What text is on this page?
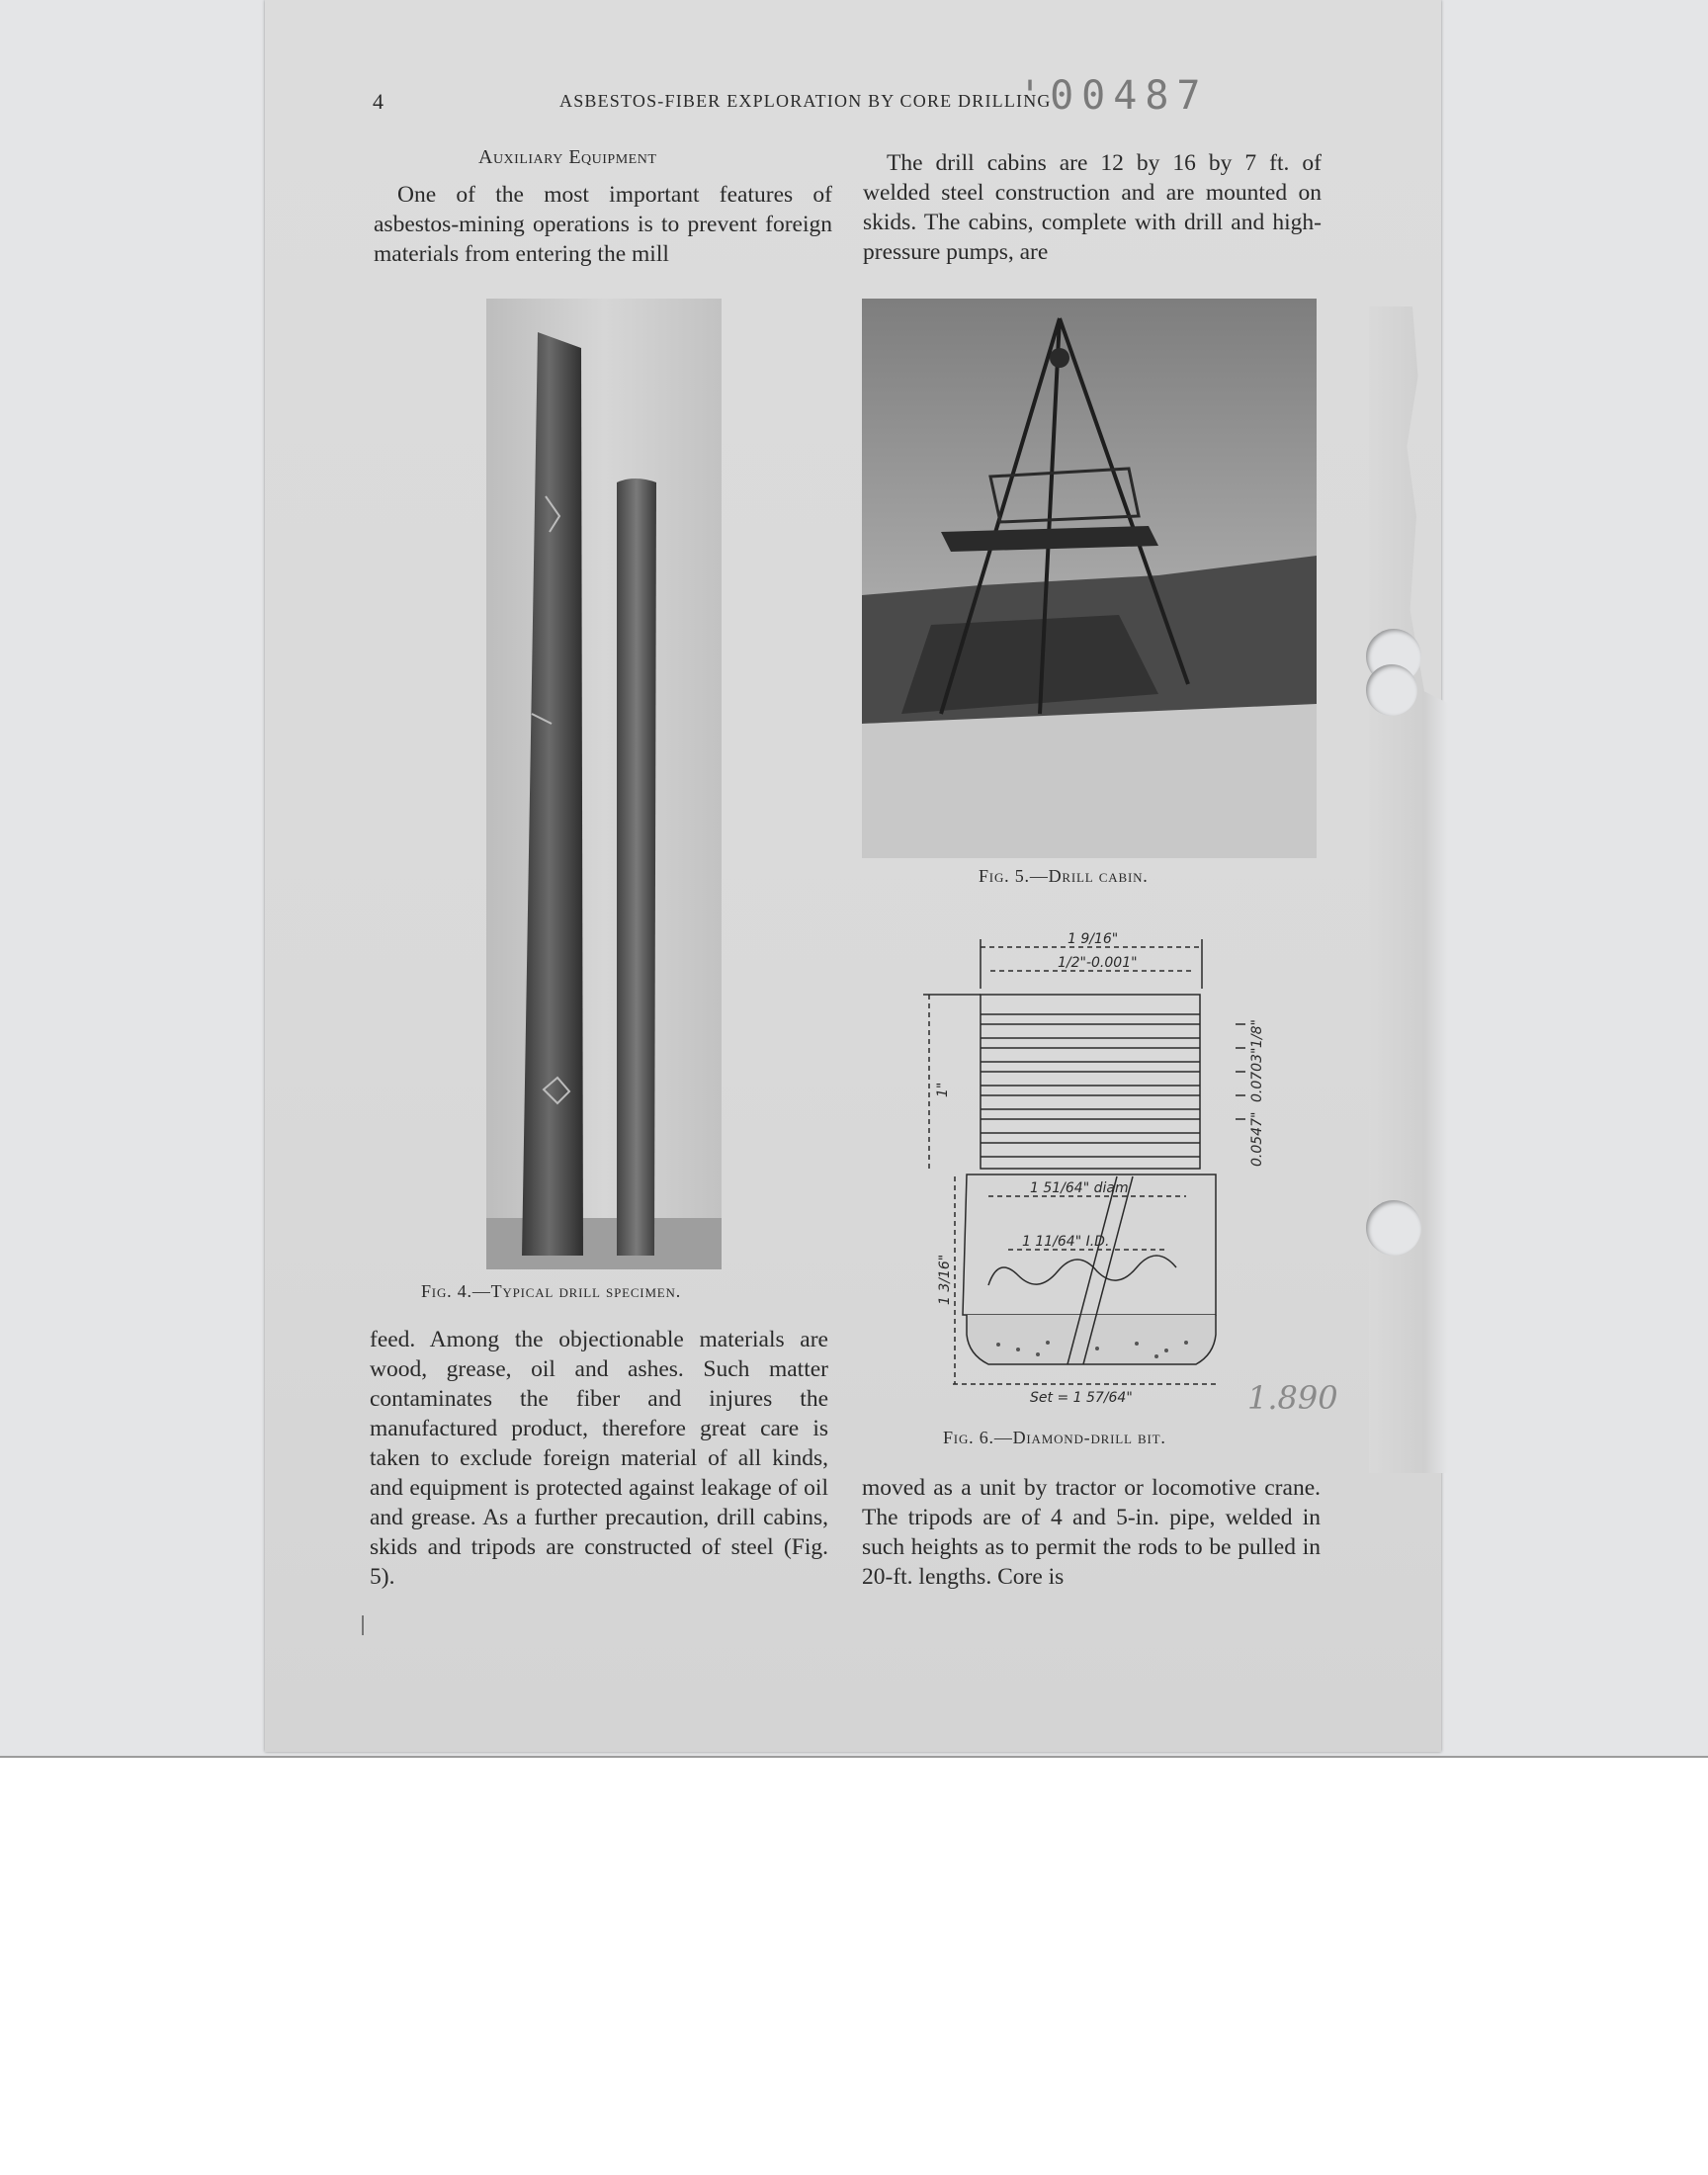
4	ASBESTOS-FIBER EXPLORATION BY CORE DRILLING
'00487
Auxiliary Equipment

One of the most important features of asbestos-mining operations is to prevent foreign materials from entering the mill

The drill cabins are 12 by 16 by 7 ft. of welded steel construction and are mounted on skids. The cabins, complete with drill and high-pressure pumps, are

1 9/16"
1/2"-0.001"
1"
1/8"
0.0547"
0.0703"
1 51/64" diam
1 11/64" I.D.
1 3/16"
Set = 1 57/64"
Fig. 4.—Typical drill specimen.
Fig. 5.—Drill cabin.
Fig. 6.—Diamond-drill bit.
1.890

feed. Among the objectionable materials are wood, grease, oil and ashes. Such matter contaminates the fiber and injures the manufactured product, therefore great care is taken to exclude foreign material of all kinds, and equipment is protected against leakage of oil and grease. As a further precaution, drill cabins, skids and tripods are constructed of steel (Fig. 5).

moved as a unit by tractor or locomotive crane. The tripods are of 4 and 5-in. pipe, welded in such heights as to permit the rods to be pulled in 20-ft. lengths. Core is
